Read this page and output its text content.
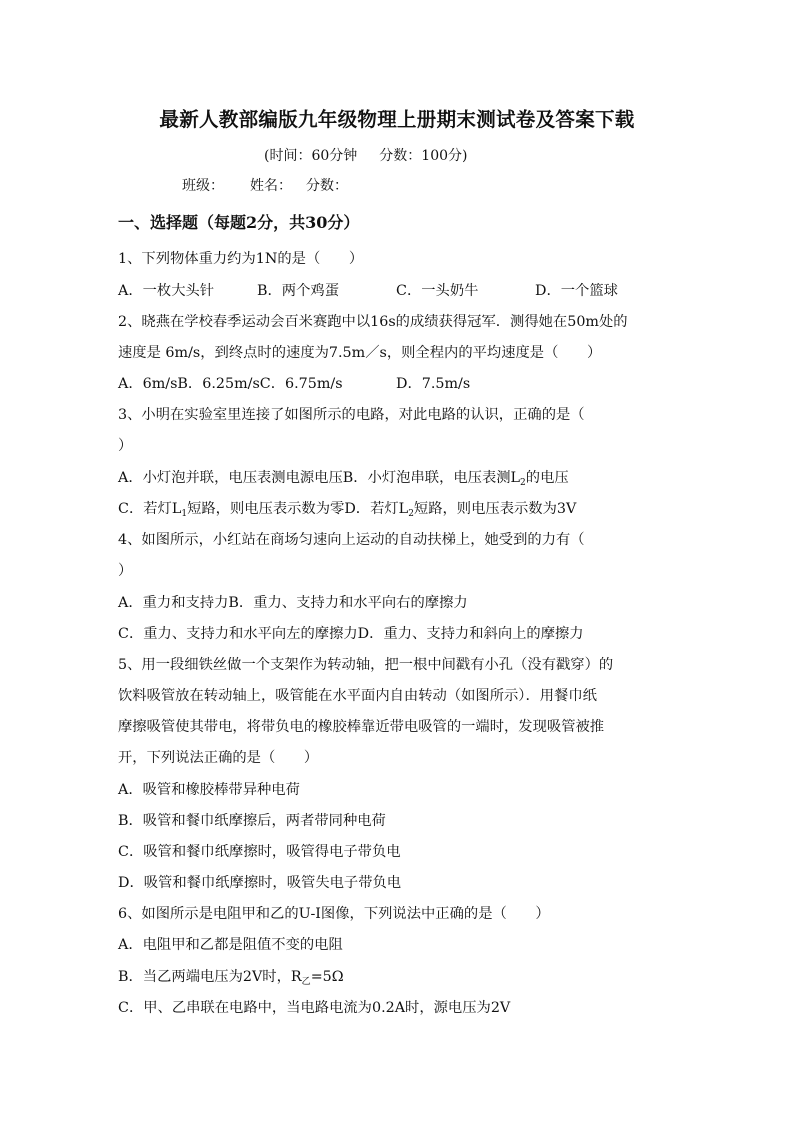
最新人教部编版九年级物理上册期末测试卷及答案下载
(时间：60分钟 分数：100分)
班级： 姓名： 分数：
一、选择题（每题2分，共30分）
1、下列物体重力约为1N的是（　　）
A．一枚大头针	B．两个鸡蛋	C．一头奶牛	D．一个篮球
2、晓燕在学校春季运动会百米赛跑中以16s的成绩获得冠军．测得她在50m处的
速度是 6m/s，到终点时的速度为7.5m／s，则全程内的平均速度是（　　）
A．6m/sB．6.25m/sC．6.75m/s	D．7.5m/s
3、小明在实验室里连接了如图所示的电路，对此电路的认识，正确的是（
）
A．小灯泡并联，电压表测电源电压B．小灯泡串联，电压表测$L_2$的电压
C．若灯$L_1$短路，则电压表示数为零D．若灯$L_2$短路，则电压表示数为3V
4、如图所示，小红站在商场匀速向上运动的自动扶梯上，她受到的力有（
）
A．重力和支持力B．重力、支持力和水平向右的摩擦力
C．重力、支持力和水平向左的摩擦力D．重力、支持力和斜向上的摩擦力
5、用一段细铁丝做一个支架作为转动轴，把一根中间戳有小孔（没有戳穿）的
饮料吸管放在转动轴上，吸管能在水平面内自由转动（如图所示）．用餐巾纸
摩擦吸管使其带电，将带负电的橡胶棒靠近带电吸管的一端时，发现吸管被推
开，下列说法正确的是（　　）
A．吸管和橡胶棒带异种电荷
B．吸管和餐巾纸摩擦后，两者带同种电荷
C．吸管和餐巾纸摩擦时，吸管得电子带负电
D．吸管和餐巾纸摩擦时，吸管失电子带负电
6、如图所示是电阻甲和乙的U-I图像，下列说法中正确的是（　　）
A．电阻甲和乙都是阻值不变的电阻
B．当乙两端电压为2V时，$R_乙=5\Omega$
C．甲、乙串联在电路中，当电路电流为0.2A时，源电压为2V
